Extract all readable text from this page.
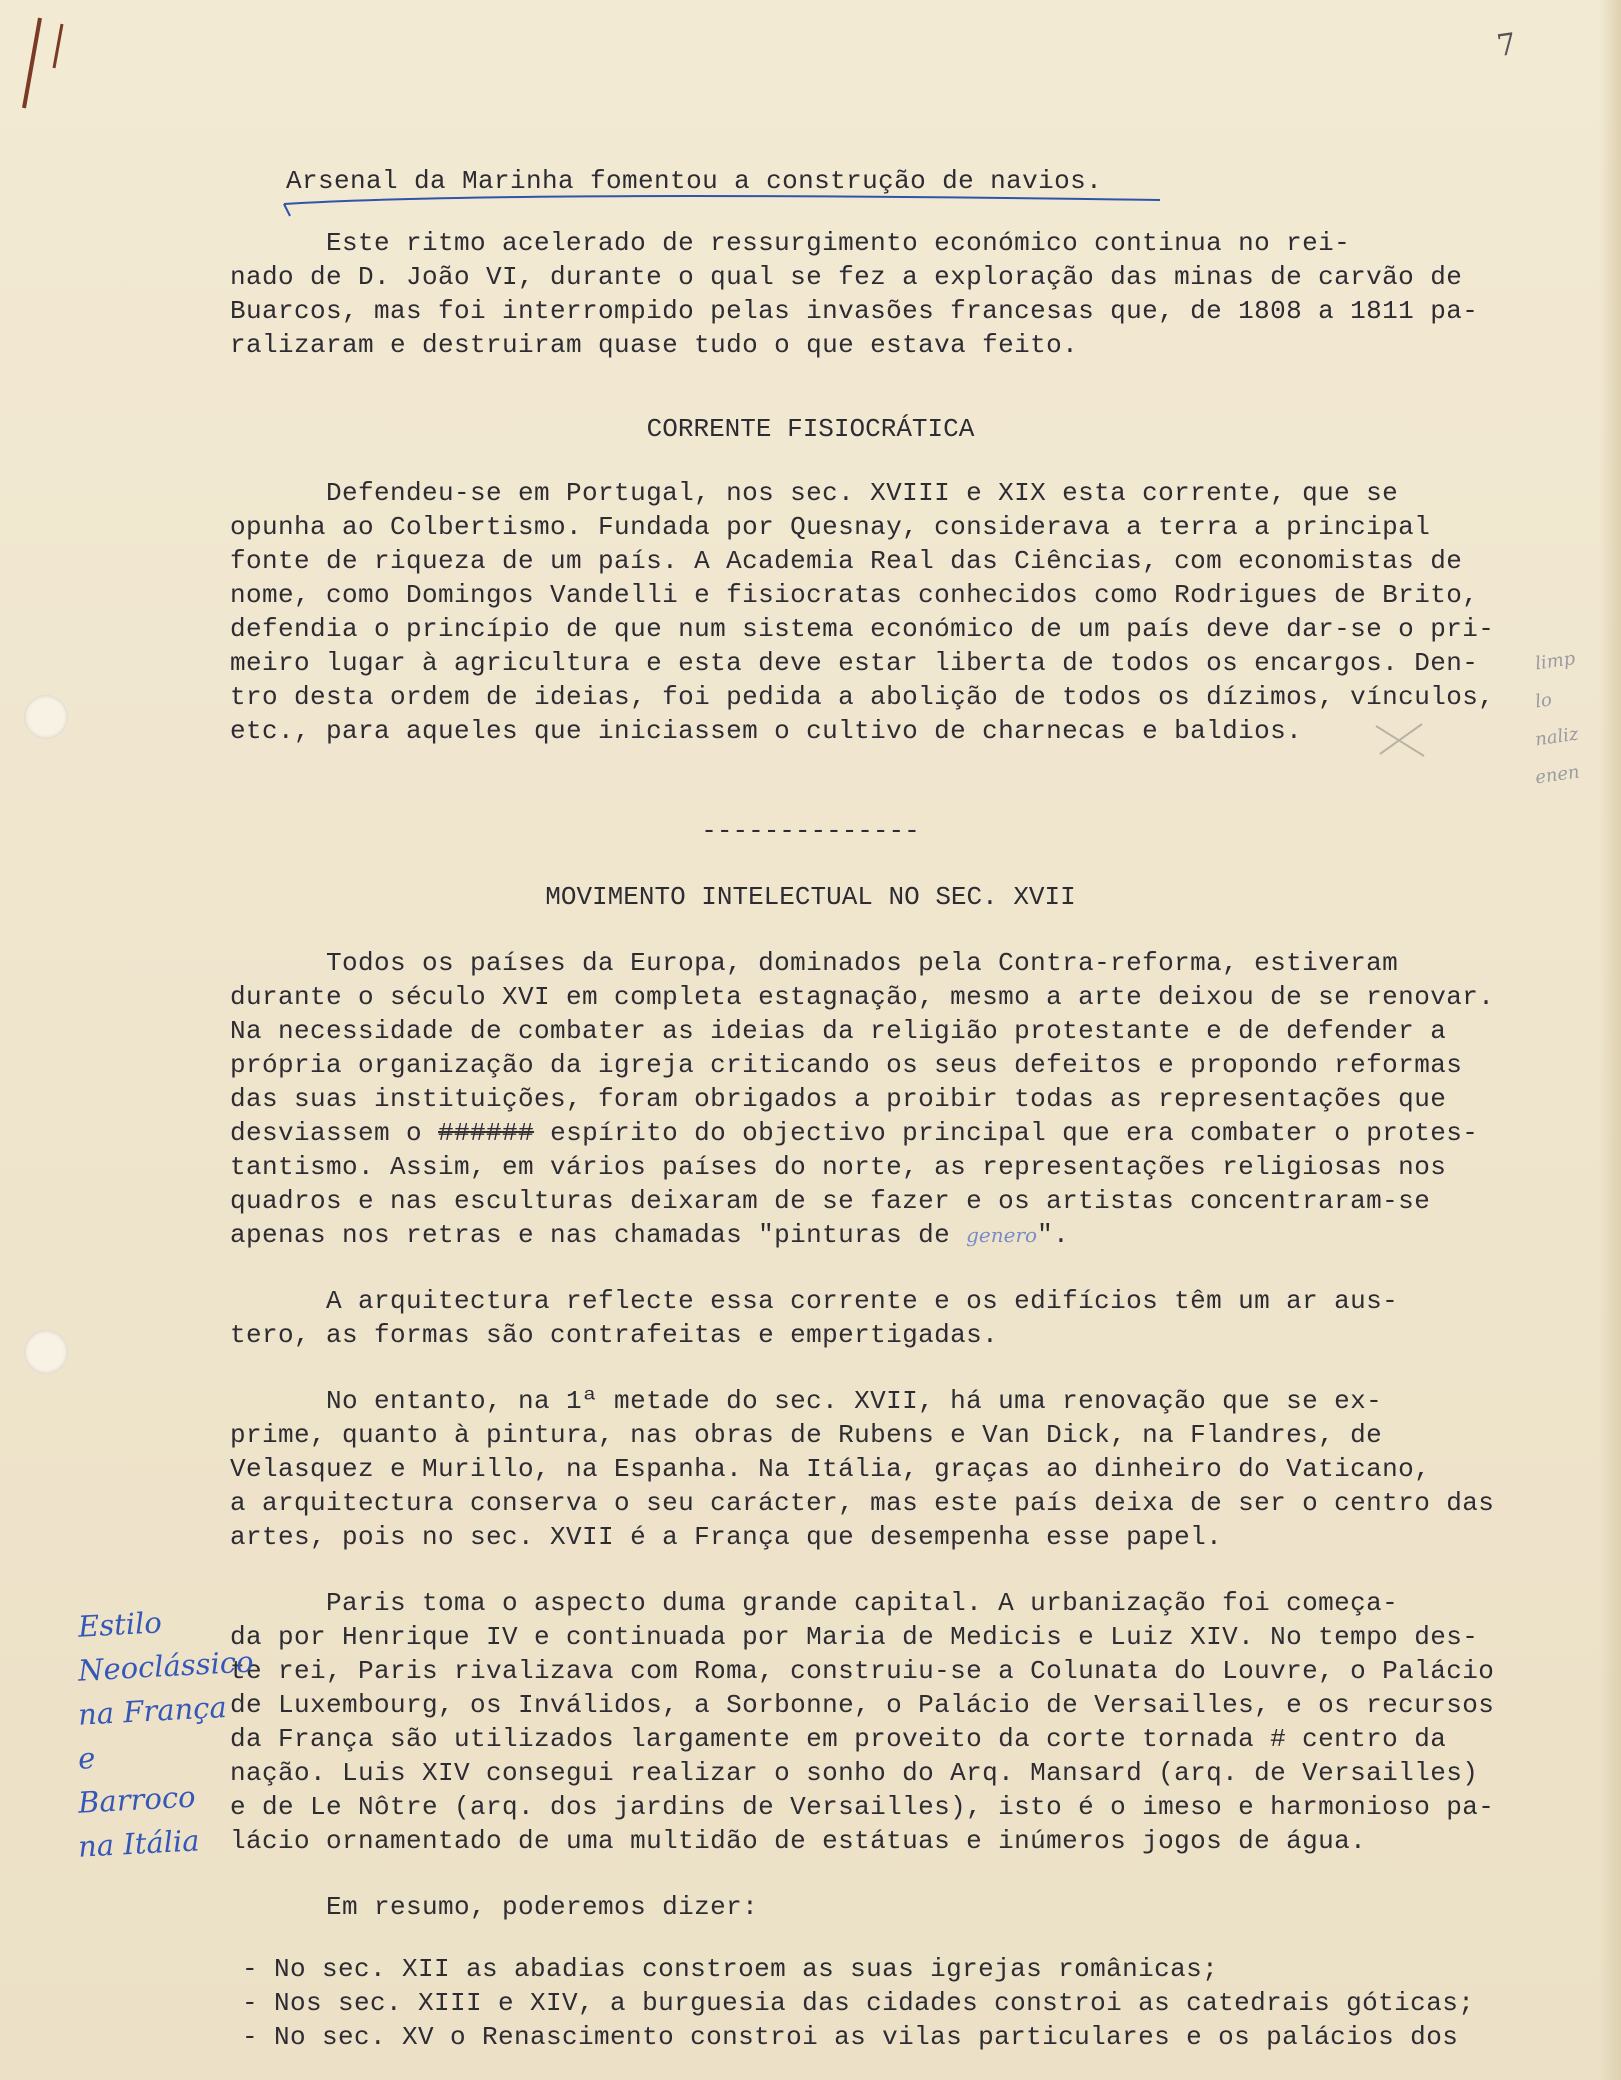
7
Arsenal da Marinha fomentou a construção de navios.
Este ritmo acelerado de ressurgimento económico continua no rei-
nado de D. João VI, durante o qual se fez a exploração das minas de carvão de
Buarcos, mas foi interrompido pelas invasões francesas que, de 1808 a 1811 pa-
ralizaram e destruiram quase tudo o que estava feito.
CORRENTE FISIOCRÁTICA
Defendeu-se em Portugal, nos sec. XVIII e XIX esta corrente, que se
opunha ao Colbertismo. Fundada por Quesnay, considerava a terra a principal
fonte de riqueza de um país. A Academia Real das Ciências, com economistas de
nome, como Domingos Vandelli e fisiocratas conhecidos como Rodrigues de Brito,
defendia o princípio de que num sistema económico de um país deve dar-se o pri-
meiro lugar à agricultura e esta deve estar liberta de todos os encargos. Den-
tro desta ordem de ideias, foi pedida a abolição de todos os dízimos, vínculos,
etc., para aqueles que iniciassem o cultivo de charnecas e baldios.
limp
lo
naliz
enen
--------------
MOVIMENTO INTELECTUAL NO SEC. XVII
Todos os países da Europa, dominados pela Contra-reforma, estiveram
durante o século XVI em completa estagnação, mesmo a arte deixou de se renovar.
Na necessidade de combater as ideias da religião protestante e de defender a
própria organização da igreja criticando os seus defeitos e propondo reformas
das suas instituições, foram obrigados a proibir todas as representações que
desviassem o ###### espírito do objectivo principal que era combater o protes-
tantismo. Assim, em vários países do norte, as representações religiosas nos
quadros e nas esculturas deixaram de se fazer e os artistas concentraram-se
apenas nos retras e nas chamadas "pinturas de genero".
A arquitectura reflecte essa corrente e os edifícios têm um ar aus-
tero, as formas são contrafeitas e empertigadas.
No entanto, na 1ª metade do sec. XVII, há uma renovação que se ex-
prime, quanto à pintura, nas obras de Rubens e Van Dick, na Flandres, de
Velasquez e Murillo, na Espanha. Na Itália, graças ao dinheiro do Vaticano,
a arquitectura conserva o seu carácter, mas este país deixa de ser o centro das
artes, pois no sec. XVII é a França que desempenha esse papel.
Paris toma o aspecto duma grande capital. A urbanização foi começa-
da por Henrique IV e continuada por Maria de Medicis e Luiz XIV. No tempo des-
te rei, Paris rivalizava com Roma, construiu-se a Colunata do Louvre, o Palácio
de Luxembourg, os Inválidos, a Sorbonne, o Palácio de Versailles, e os recursos
da França são utilizados largamente em proveito da corte tornada # centro da
nação. Luis XIV consegui realizar o sonho do Arq. Mansard (arq. de Versailles)
e de Le Nôtre (arq. dos jardins de Versailles), isto é o imeso e harmonioso pa-
lácio ornamentado de uma multidão de estátuas e inúmeros jogos de água.
Estilo
Neoclássico
na França
e
Barroco
na Itália
Em resumo, poderemos dizer:
- No sec. XII as abadias constroem as suas igrejas românicas;
- Nos sec. XIII e XIV, a burguesia das cidades constroi as catedrais góticas;
- No sec. XV o Renascimento constroi as vilas particulares e os palácios dos
